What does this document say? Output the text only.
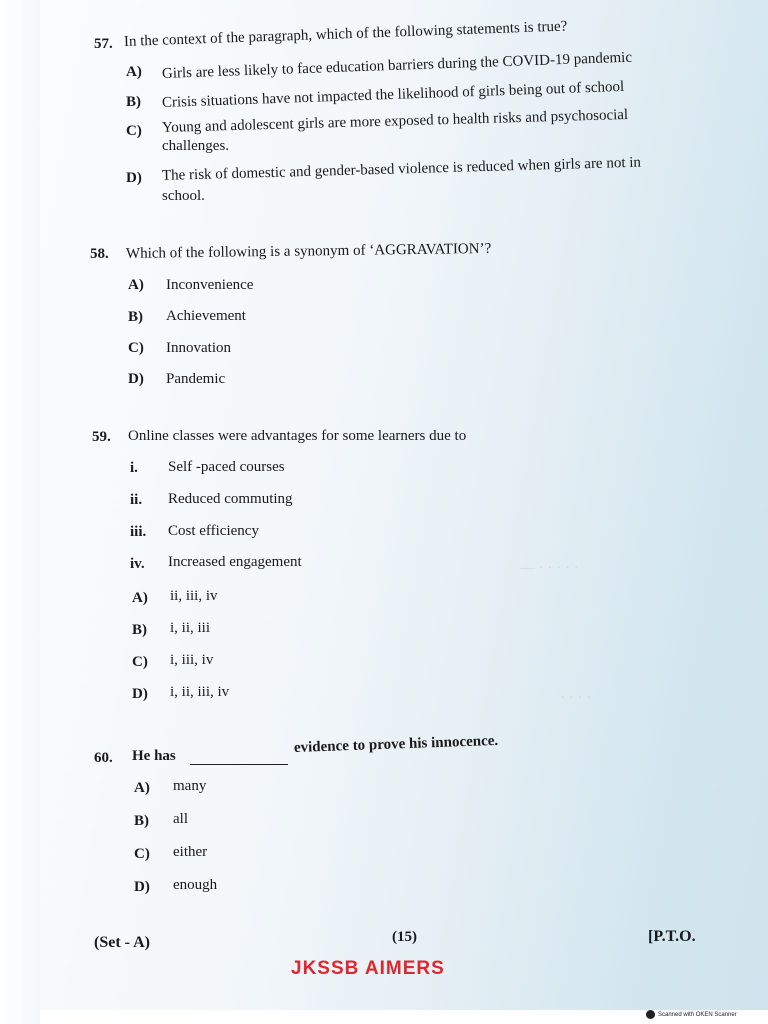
— · · · · ·
· · · ·
57. In the context of the paragraph, which of the following statements is true?
A) Girls are less likely to face education barriers during the COVID-19 pandemic
B) Crisis situations have not impacted the likelihood of girls being out of school
C) Young and adolescent girls are more exposed to health risks and psychosocial
challenges.
D) The risk of domestic and gender-based violence is reduced when girls are not in
school.
58. Which of the following is a synonym of ‘AGGRAVATION’?
A) Inconvenience
B) Achievement
C) Innovation
D) Pandemic
59. Online classes were advantages for some learners due to
i. Self -paced courses
ii. Reduced commuting
iii. Cost efficiency
iv. Increased engagement
A) ii, iii, iv
B) i, ii, iii
C) i, iii, iv
D) i, ii, iii, iv
60. He has
evidence to prove his innocence.
A) many
B) all
C) either
D) enough
(Set - A)	(15)	[P.T.O.
JKSSB AIMERS
Scanned with OKEN Scanner
